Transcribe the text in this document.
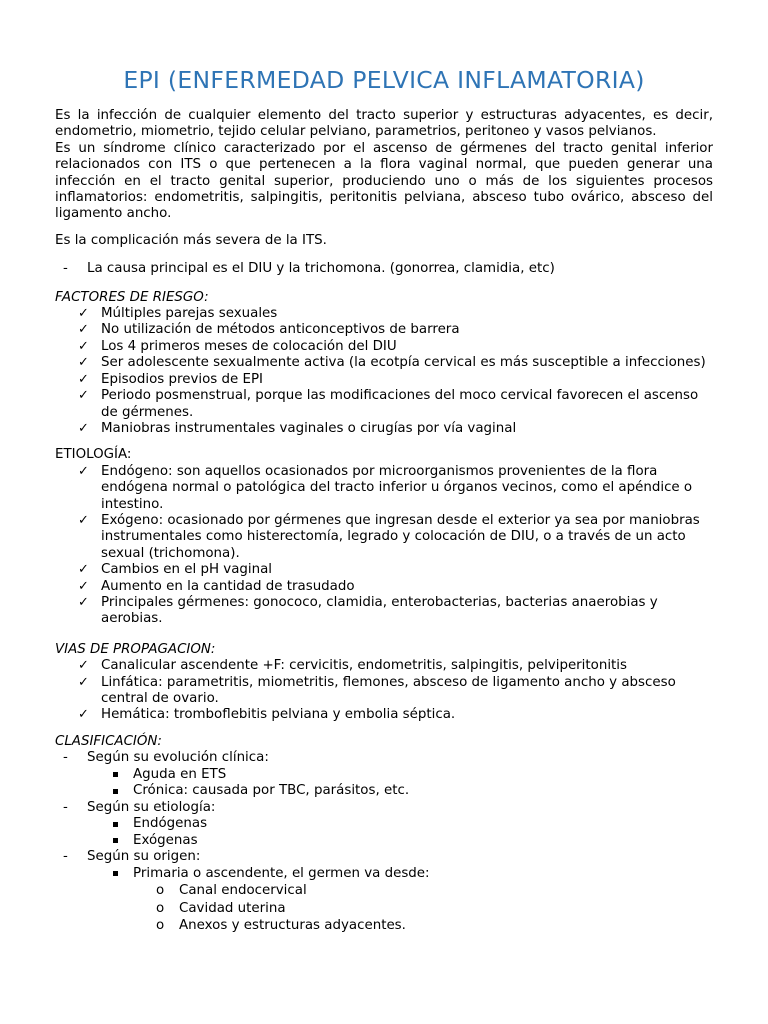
EPI (ENFERMEDAD PELVICA INFLAMATORIA)

Es la infección de cualquier elemento del tracto superior y estructuras adyacentes, es decir, endometrio, miometrio, tejido celular pelviano, parametrios, peritoneo y vasos pelvianos.

Es un síndrome clínico caracterizado por el ascenso de gérmenes del tracto genital inferior relacionados con ITS o que pertenecen a la flora vaginal normal, que pueden generar una infección en el tracto genital superior, produciendo uno o más de los siguientes procesos inflamatorios: endometritis, salpingitis, peritonitis pelviana, absceso tubo ovárico, absceso del ligamento ancho.

Es la complicación más severa de la ITS.

- La causa principal es el DIU y la trichomona. (gonorrea, clamidia, etc)

FACTORES DE RIESGO:

✓ Múltiples parejas sexuales
✓ No utilización de métodos anticonceptivos de barrera
✓ Los 4 primeros meses de colocación del DIU
✓ Ser adolescente sexualmente activa (la ecotpía cervical es más susceptible a infecciones)
✓ Episodios previos de EPI
✓ Periodo posmenstrual, porque las modificaciones del moco cervical favorecen el ascenso de gérmenes.
✓ Maniobras instrumentales vaginales o cirugías por vía vaginal

ETIOLOGÍA:

✓ Endógeno: son aquellos ocasionados por microorganismos provenientes de la flora endógena normal o patológica del tracto inferior u órganos vecinos, como el apéndice o intestino.
✓ Exógeno: ocasionado por gérmenes que ingresan desde el exterior ya sea por maniobras instrumentales como histerectomía, legrado y colocación de DIU, o a través de un acto sexual (trichomona).
✓ Cambios en el pH vaginal
✓ Aumento en la cantidad de trasudado
✓ Principales gérmenes: gonococo, clamidia, enterobacterias, bacterias anaerobias y aerobias.

VIAS DE PROPAGACION:

✓ Canalicular ascendente +F: cervicitis, endometritis, salpingitis, pelviperitonitis
✓ Linfática: parametritis, miometritis, flemones, absceso de ligamento ancho y absceso central de ovario.
✓ Hemática: tromboflebitis pelviana y embolia séptica.

CLASIFICACIÓN:

- Según su evolución clínica:
Aguda en ETS
Crónica: causada por TBC, parásitos, etc.
- Según su etiología:
Endógenas
Exógenas
- Según su origen:
Primaria o ascendente, el germen va desde:
o Canal endocervical
o Cavidad uterina
o Anexos y estructuras adyacentes.
